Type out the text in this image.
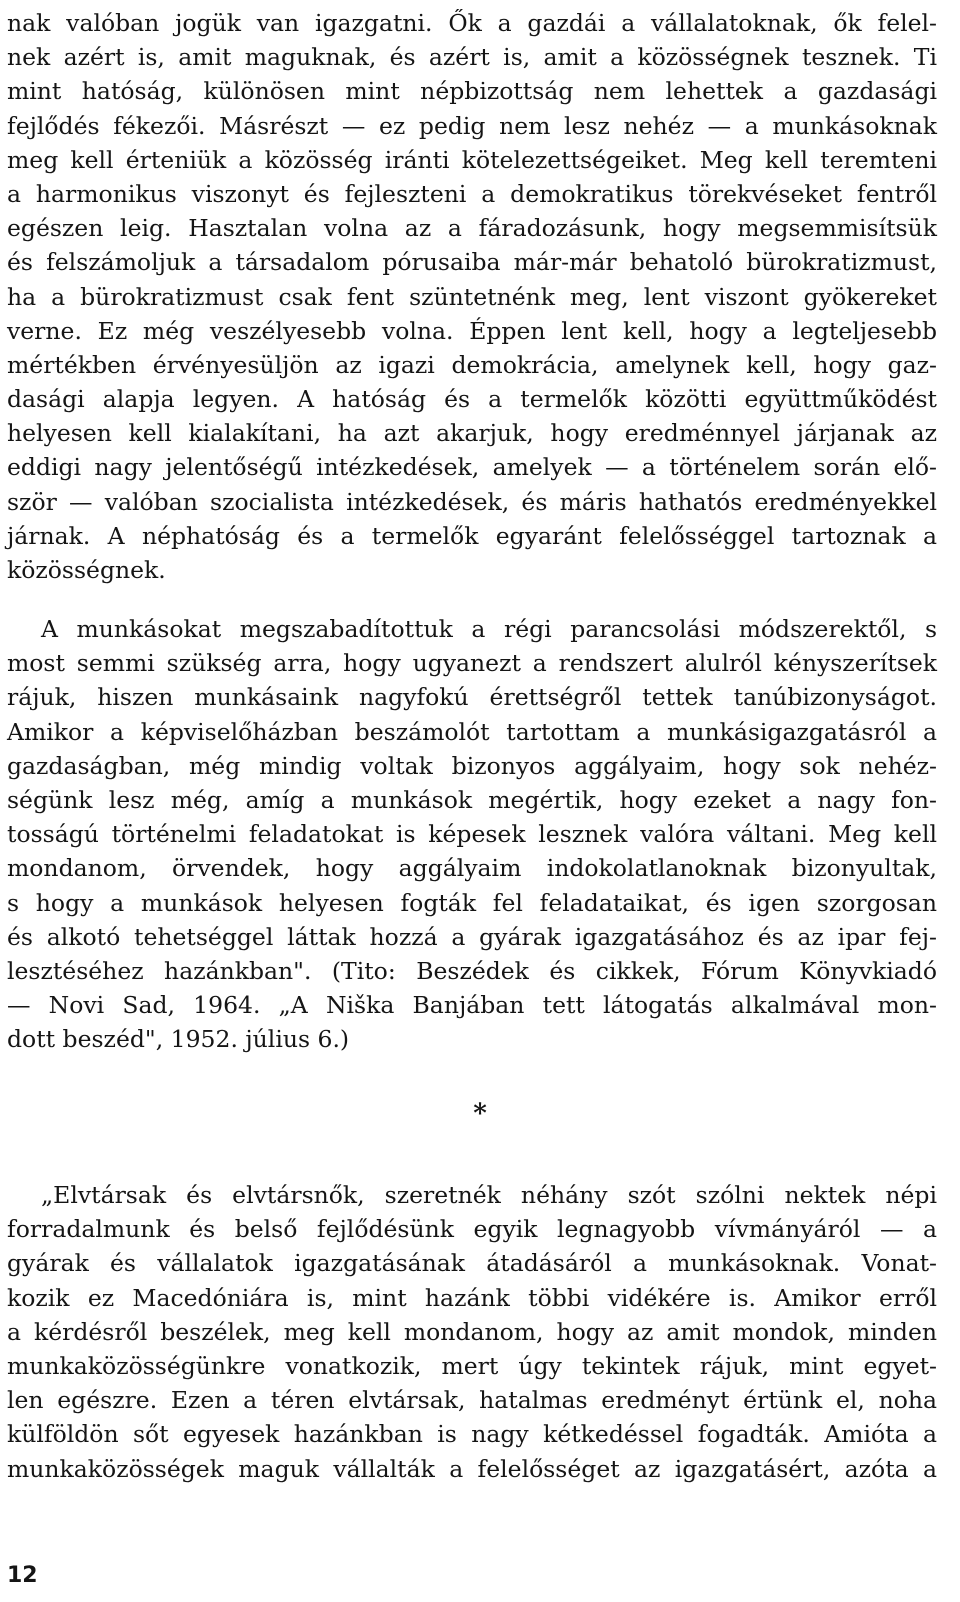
nak valóban jogük van igazgatni. Ők a gazdái a vállalatoknak, ők felel-
nek azért is, amit maguknak, és azért is, amit a közösségnek tesznek. Ti
mint hatóság, különösen mint népbizottság nem lehettek a gazdasági
fejlődés fékezői. Másrészt — ez pedig nem lesz nehéz — a munkásoknak
meg kell érteniük a közösség iránti kötelezettségeiket. Meg kell teremteni
a harmonikus viszonyt és fejleszteni a demokratikus törekvéseket fentről
egészen leig. Hasztalan volna az a fáradozásunk, hogy megsemmisítsük
és felszámoljuk a társadalom pórusaiba már-már behatoló bürokratizmust,
ha a bürokratizmust csak fent szüntetnénk meg, lent viszont gyökereket
verne. Ez még veszélyesebb volna. Éppen lent kell, hogy a legteljesebb
mértékben érvényesüljön az igazi demokrácia, amelynek kell, hogy gaz-
dasági alapja legyen. A hatóság és a termelők közötti együttműködést
helyesen kell kialakítani, ha azt akarjuk, hogy eredménnyel járjanak az
eddigi nagy jelentőségű intézkedések, amelyek — a történelem során elő-
ször — valóban szocialista intézkedések, és máris hathatós eredményekkel
járnak. A néphatóság és a termelők egyaránt felelősséggel tartoznak a
közösségnek.
A munkásokat megszabadítottuk a régi parancsolási módszerektől, s
most semmi szükség arra, hogy ugyanezt a rendszert alulról kényszerítsek
rájuk, hiszen munkásaink nagyfokú érettségről tettek tanúbizonyságot.
Amikor a képviselőházban beszámolót tartottam a munkásigazgatásról a
gazdaságban, még mindig voltak bizonyos aggályaim, hogy sok nehéz-
ségünk lesz még, amíg a munkások megértik, hogy ezeket a nagy fon-
tosságú történelmi feladatokat is képesek lesznek valóra váltani. Meg kell
mondanom, örvendek, hogy aggályaim indokolatlanoknak bizonyultak,
s hogy a munkások helyesen fogták fel feladataikat, és igen szorgosan
és alkotó tehetséggel láttak hozzá a gyárak igazgatásához és az ipar fej-
lesztéséhez hazánkban". (Tito: Beszédek és cikkek, Fórum Könyvkiadó
— Novi Sad, 1964. „A Niška Banjában tett látogatás alkalmával mon-
dott beszéd", 1952. július 6.)
*
„Elvtársak és elvtársnők, szeretnék néhány szót szólni nektek népi
forradalmunk és belső fejlődésünk egyik legnagyobb vívmányáról — a
gyárak és vállalatok igazgatásának átadásáról a munkásoknak. Vonat-
kozik ez Macedóniára is, mint hazánk többi vidékére is. Amikor erről
a kérdésről beszélek, meg kell mondanom, hogy az amit mondok, minden
munkaközösségünkre vonatkozik, mert úgy tekintek rájuk, mint egyet-
len egészre. Ezen a téren elvtársak, hatalmas eredményt értünk el, noha
külföldön sőt egyesek hazánkban is nagy kétkedéssel fogadták. Amióta a
munkaközösségek maguk vállalták a felelősséget az igazgatásért, azóta a
12
